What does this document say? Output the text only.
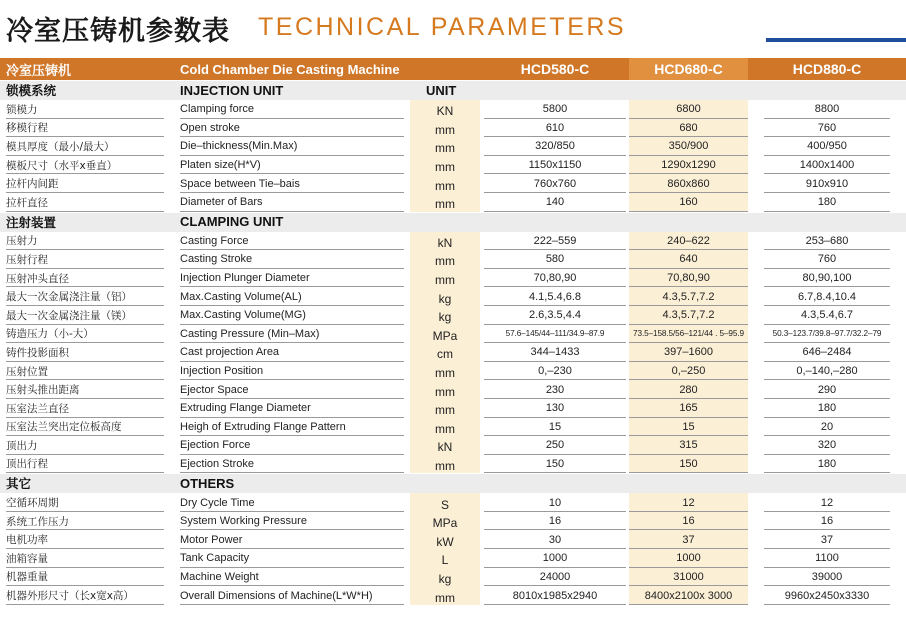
冷室压铸机参数表 TECHNICAL PARAMETERS
冷室压铸机	Cold Chamber Die Casting Machine	HCD580-C	HCD680-C	HCD880-C
锁模系统	INJECTION UNIT	UNIT
锁模力	Clamping force	KN	5800	6800	8800
移模行程	Open stroke	mm	610	680	760
模具厚度（最小/最大）	Die–thickness(Min.Max)	mm	320/850	350/900	400/950
模板尺寸（水平x垂直）	Platen size(H*V)	mm	1150x1150	1290x1290	1400x1400
拉杆内间距	Space between Tie–bais	mm	760x760	860x860	910x910
拉杆直径	Diameter of Bars	mm	140	160	180
注射装置	CLAMPING UNIT
压射力	Casting Force	kN	222–559	240–622	253–680
压射行程	Casting Stroke	mm	580	640	760
压射冲头直径	Injection Plunger Diameter	mm	70,80,90	70,80,90	80,90,100
最大一次金属浇注量（铝）	Max.Casting Volume(AL)	kg	4.1,5.4,6.8	4.3,5.7,7.2	6.7,8.4,10.4
最大一次金属浇注量（镁）	Max.Casting Volume(MG)	kg	2.6,3.5,4.4	4.3,5.7,7.2	4.3,5.4,6.7
铸造压力（小-大）	Casting Pressure (Min–Max)	MPa	57.6–145/44–111/34.9–87.9	73.5–158.5/56–121/44 . 5–95.9	50.3–123.7/39.8–97.7/32.2–79
铸件投影面积	Cast projection Area	cm	344–1433	397–1600	646–2484
压射位置	Injection Position	mm	0,–230	0,–250	0,–140,–280
压射头推出距离	Ejector Space	mm	230	280	290
压室法兰直径	Extruding Flange Diameter	mm	130	165	180
压室法兰突出定位板高度	Heigh of Extruding Flange Pattern	mm	15	15	20
顶出力	Ejection Force	kN	250	315	320
顶出行程	Ejection Stroke	mm	150	150	180
其它	OTHERS
空循环周期	Dry Cycle Time	S	10	12	12
系统工作压力	System Working Pressure	MPa	16	16	16
电机功率	Motor Power	kW	30	37	37
油箱容量	Tank Capacity	L	1000	1000	1100
机器重量	Machine Weight	kg	24000	31000	39000
机器外形尺寸（长x宽x高）	Overall Dimensions of Machine(L*W*H)	mm	8010x1985x2940	8400x2100x 3000	9960x2450x3330
